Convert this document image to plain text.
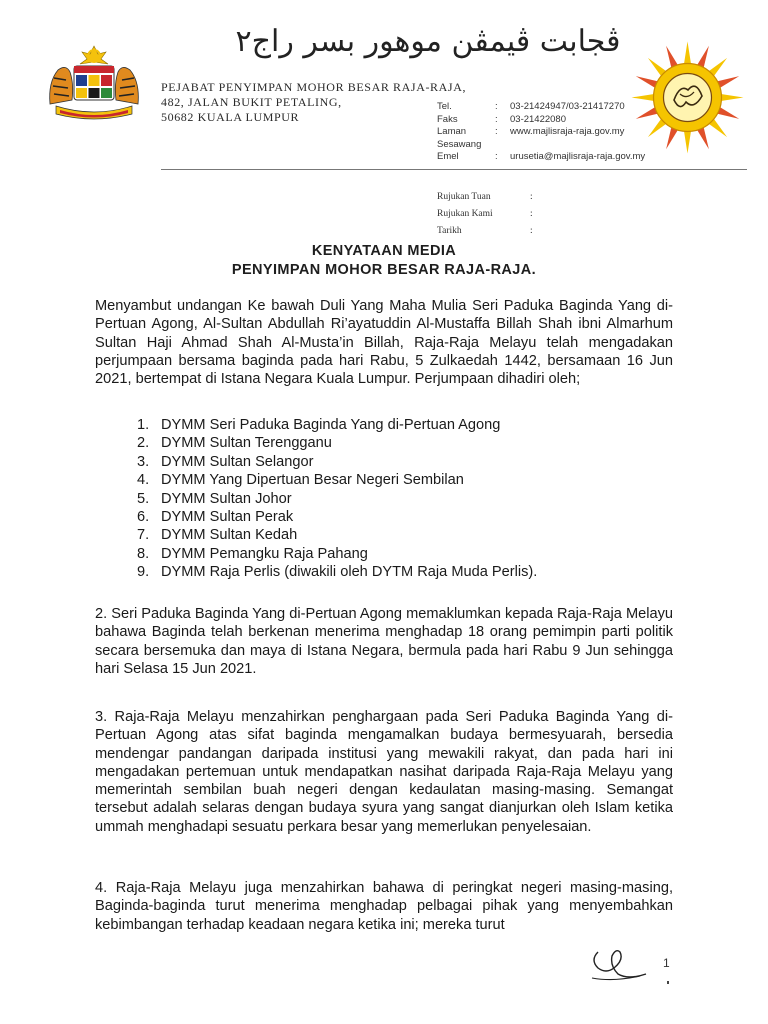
ڤجابت ڤيمڤن موهور بسر راج٢
PEJABAT PENYIMPAN MOHOR BESAR RAJA-RAJA,
482, JALAN BUKIT PETALING,
50682 KUALA LUMPUR
Tel.	:	03-21424947/03-21417270
Faks	:	03-21422080
Laman	:	www.majlisraja-raja.gov.my
Sesawang
Emel	:	urusetia@majlisraja-raja.gov.my
Rujukan Tuan	:
Rujukan Kami	:
Tarikh	:
KENYATAAN MEDIA
PENYIMPAN MOHOR BESAR RAJA-RAJA.

Menyambut undangan Ke bawah Duli Yang Maha Mulia Seri Paduka Baginda Yang di-Pertuan Agong, Al-Sultan Abdullah Ri’ayatuddin Al-Mustaffa Billah Shah ibni Almarhum Sultan Haji Ahmad Shah Al-Musta’in Billah, Raja-Raja Melayu telah mengadakan perjumpaan bersama baginda pada hari Rabu, 5 Zulkaedah 1442, bersamaan 16 Jun 2021, bertempat di Istana Negara Kuala Lumpur. Perjumpaan dihadiri oleh;

1. DYMM Seri Paduka Baginda Yang di-Pertuan Agong
2. DYMM Sultan Terengganu
3. DYMM Sultan Selangor
4. DYMM Yang Dipertuan Besar Negeri Sembilan
5. DYMM Sultan Johor
6. DYMM Sultan Perak
7. DYMM Sultan Kedah
8. DYMM Pemangku Raja Pahang
9. DYMM Raja Perlis (diwakili oleh DYTM Raja Muda Perlis).

2. Seri Paduka Baginda Yang di-Pertuan Agong memaklumkan kepada Raja-Raja Melayu bahawa Baginda telah berkenan menerima menghadap 18 orang pemimpin parti politik secara bersemuka dan maya di Istana Negara, bermula pada hari Rabu 9 Jun sehingga hari Selasa 15 Jun 2021.

3. Raja-Raja Melayu menzahirkan penghargaan pada Seri Paduka Baginda Yang di-Pertuan Agong atas sifat baginda mengamalkan budaya bermesyuarah, bersedia mendengar pandangan daripada institusi yang mewakili rakyat, dan pada hari ini mengadakan pertemuan untuk mendapatkan nasihat daripada Raja-Raja Melayu yang memerintah sembilan buah negeri dengan kedaulatan masing-masing. Semangat tersebut adalah selaras dengan budaya syura yang sangat dianjurkan oleh Islam ketika ummah menghadapi sesuatu perkara besar yang memerlukan penyelesaian.

4. Raja-Raja Melayu juga menzahirkan bahawa di peringkat negeri masing-masing, Baginda-baginda turut menerima menghadap pelbagai pihak yang menyembahkan kebimbangan terhadap keadaan negara ketika ini; mereka turut

1
